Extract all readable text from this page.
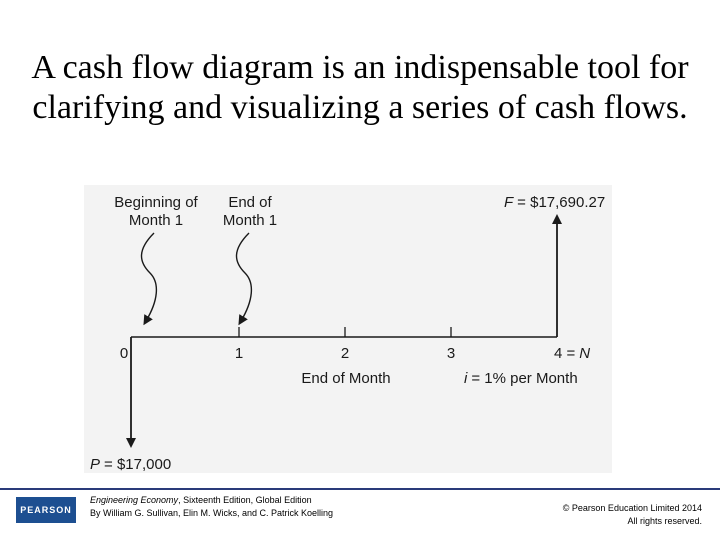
A cash flow diagram is an indispensable tool for clarifying and visualizing a series of cash flows.
Beginning of
Month 1
End of
Month 1
0	1	2	3	4 = N
End of Month	i = 1% per Month
F = $17,690.27
P = $17,000
PEARSON
Engineering Economy, Sixteenth Edition, Global Edition
By William G. Sullivan, Elin M. Wicks, and C. Patrick Koelling	© Pearson Education Limited 2014
All rights reserved.
